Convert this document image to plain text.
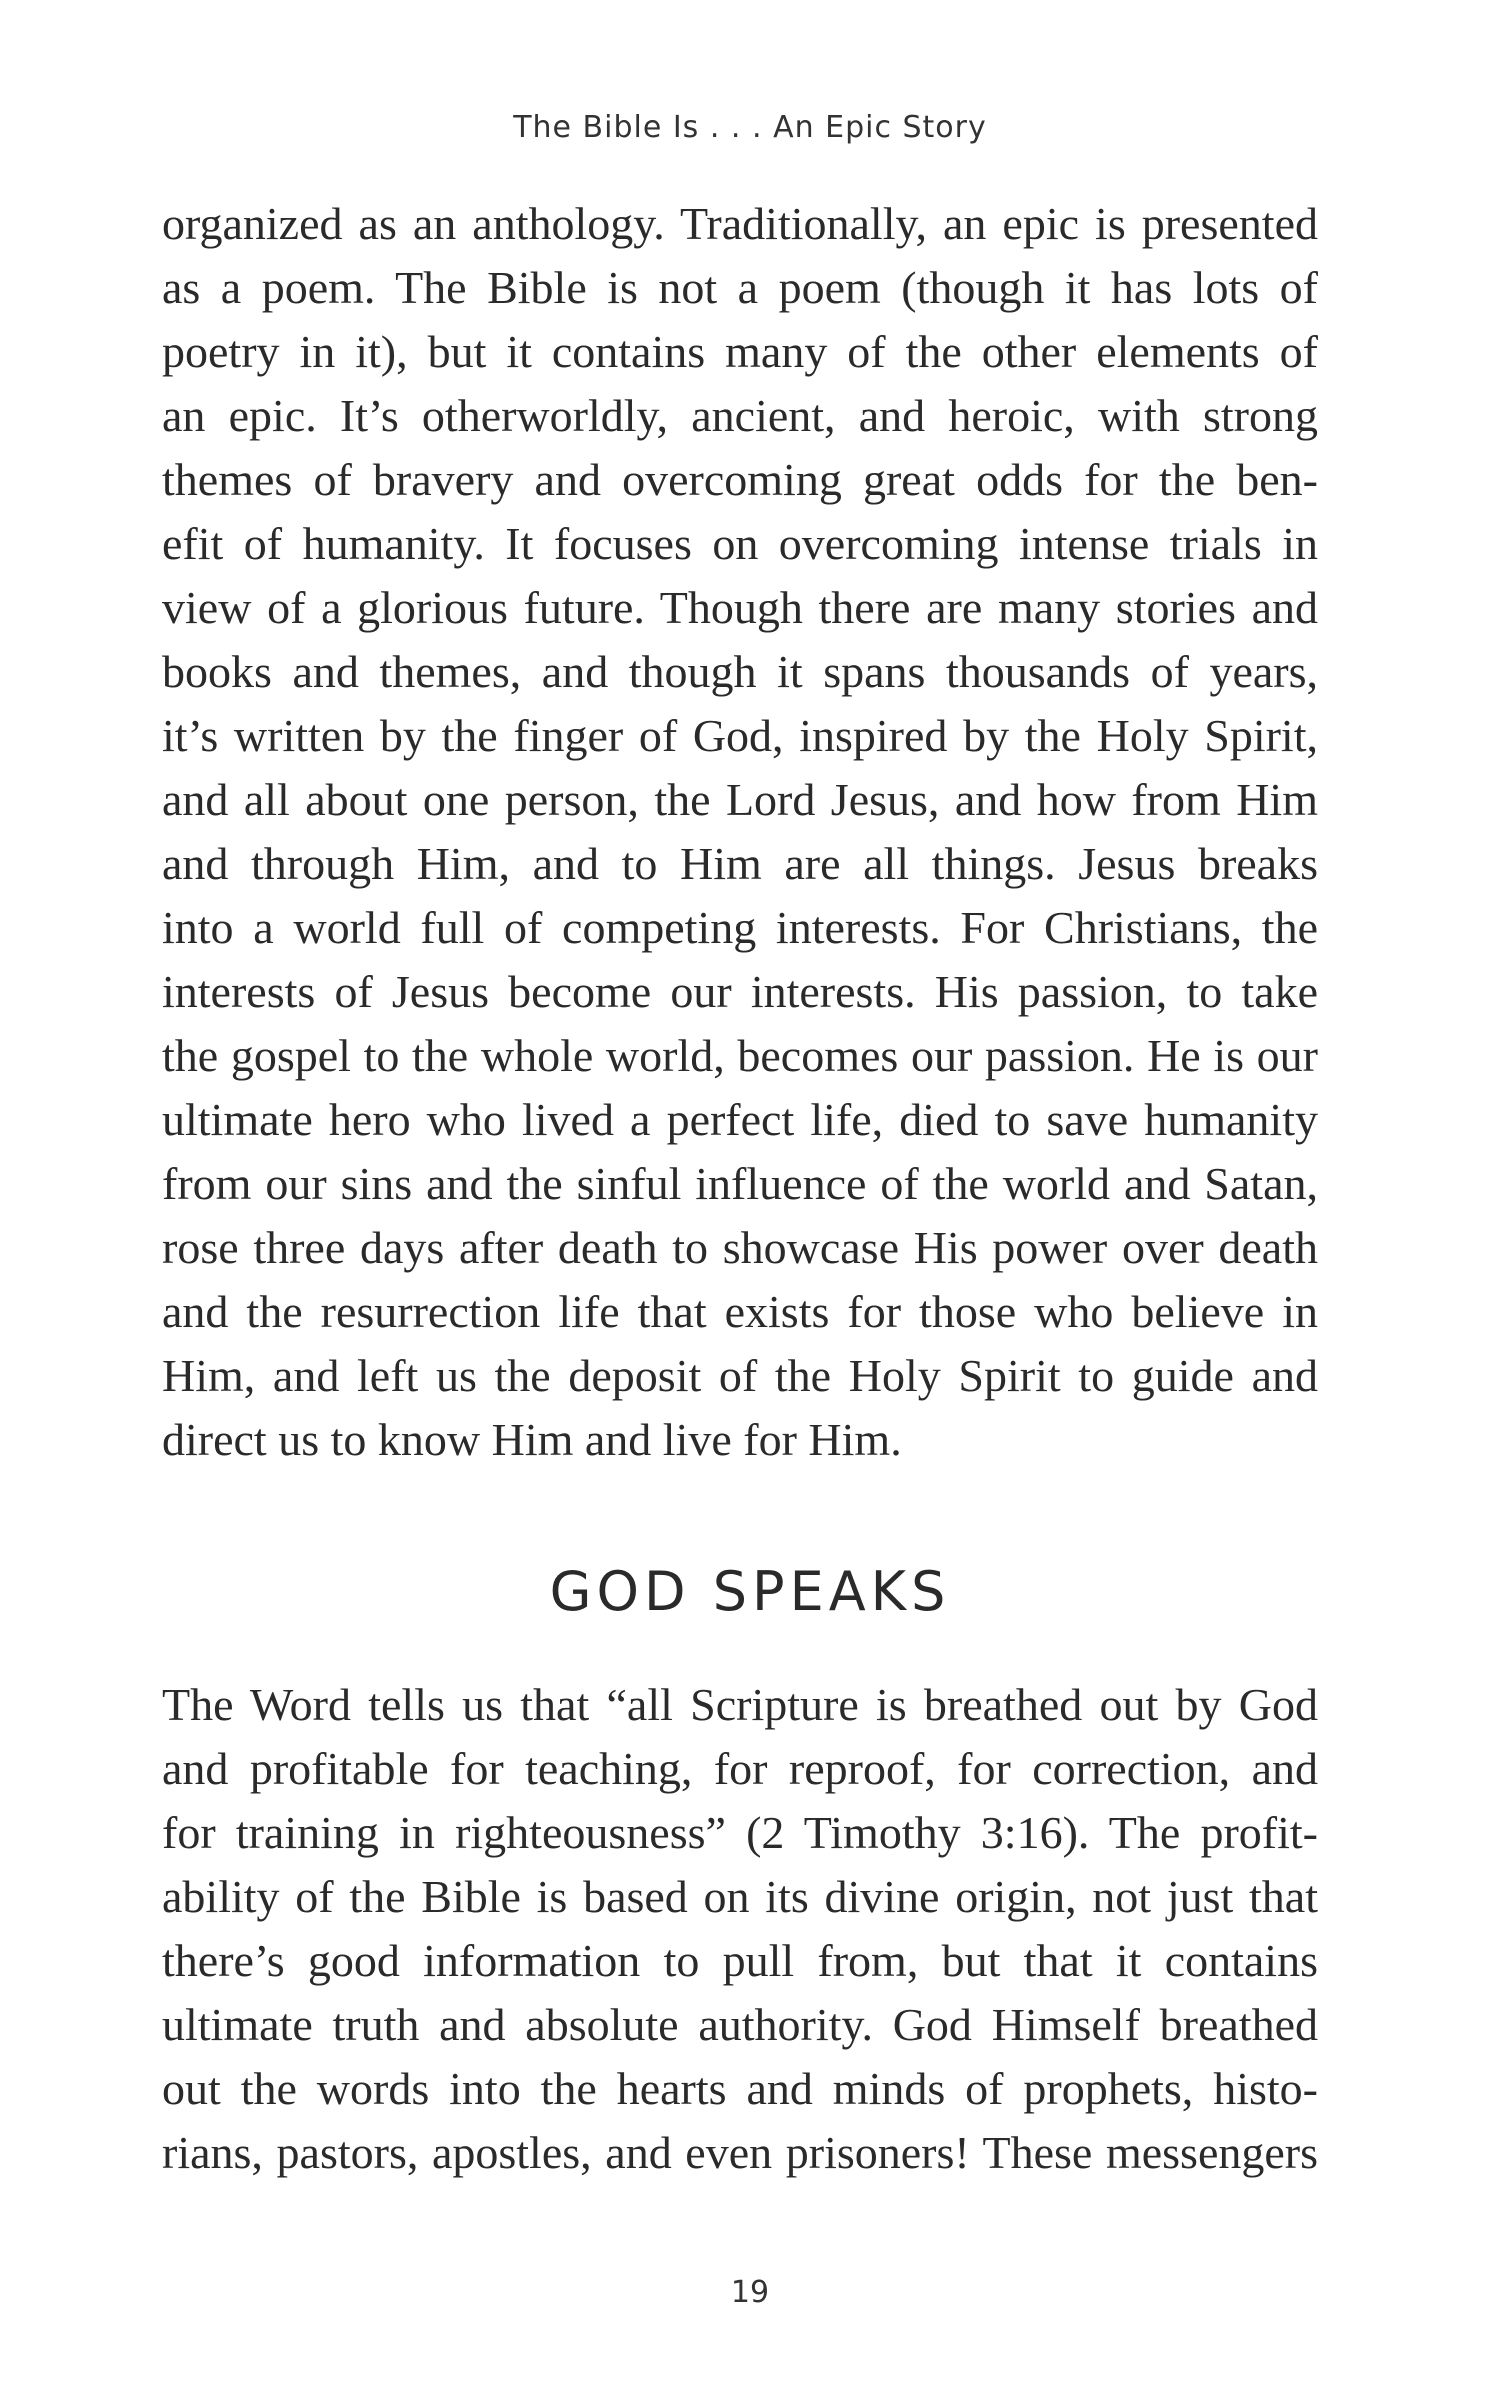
The Bible Is . . . An Epic Story

organized as an anthology. Traditionally, an epic is presented
as a poem. The Bible is not a poem (though it has lots of
poetry in it), but it contains many of the other elements of
an epic. It’s otherworldly, ancient, and heroic, with strong
themes of bravery and overcoming great odds for the ben-
efit of humanity. It focuses on overcoming intense trials in
view of a glorious future. Though there are many stories and
books and themes, and though it spans thousands of years,
it’s written by the finger of God, inspired by the Holy Spirit,
and all about one person, the Lord Jesus, and how from Him
and through Him, and to Him are all things. Jesus breaks
into a world full of competing interests. For Christians, the
interests of Jesus become our interests. His passion, to take
the gospel to the whole world, becomes our passion. He is our
ultimate hero who lived a perfect life, died to save humanity
from our sins and the sinful influence of the world and Satan,
rose three days after death to showcase His power over death
and the resurrection life that exists for those who believe in
Him, and left us the deposit of the Holy Spirit to guide and
direct us to know Him and live for Him.

GOD SPEAKS

The Word tells us that “all Scripture is breathed out by God
and profitable for teaching, for reproof, for correction, and
for training in righteousness” (2 Timothy 3:16). The profit-
ability of the Bible is based on its divine origin, not just that
there’s good information to pull from, but that it contains
ultimate truth and absolute authority. God Himself breathed
out the words into the hearts and minds of prophets, histo-
rians, pastors, apostles, and even prisoners! These messengers

19
